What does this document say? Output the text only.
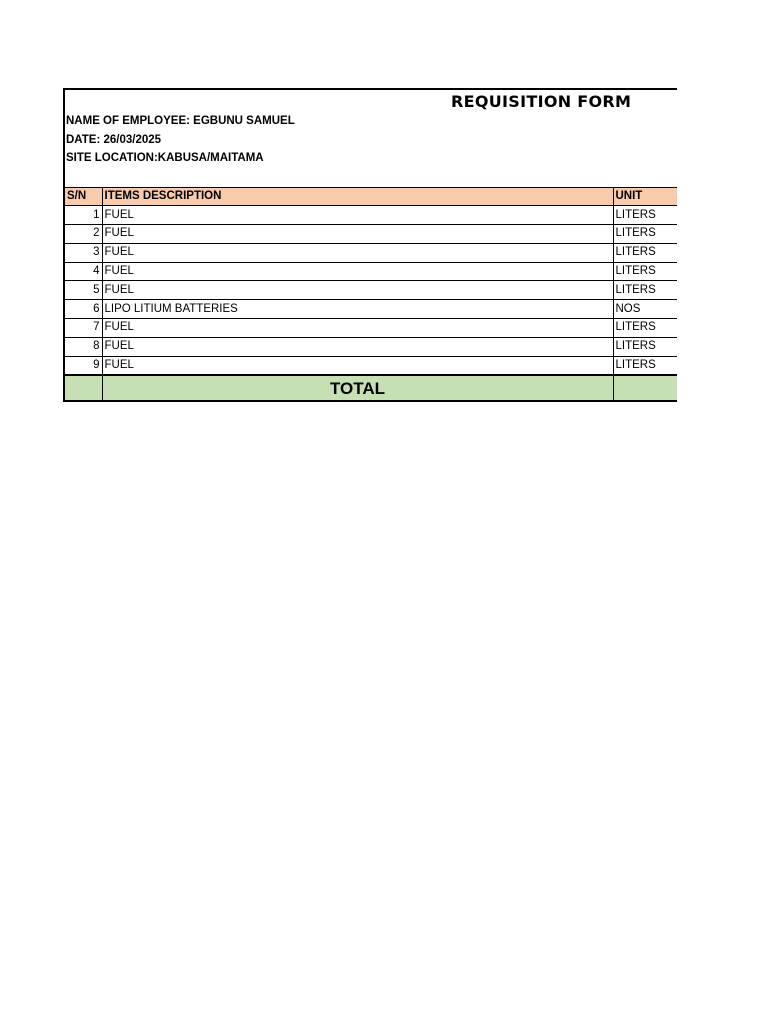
REQUISITION FORM
NAME OF EMPLOYEE: EGBUNU SAMUEL
DATE: 26/03/2025
SITE LOCATION:KABUSA/MAITAMA
S/N	ITEMS DESCRIPTION	UNIT
1	FUEL	LITERS
2	FUEL	LITERS
3	FUEL	LITERS
4	FUEL	LITERS
5	FUEL	LITERS
6	LIPO LITIUM BATTERIES	NOS
7	FUEL	LITERS
8	FUEL	LITERS
9	FUEL	LITERS
	TOTAL	
